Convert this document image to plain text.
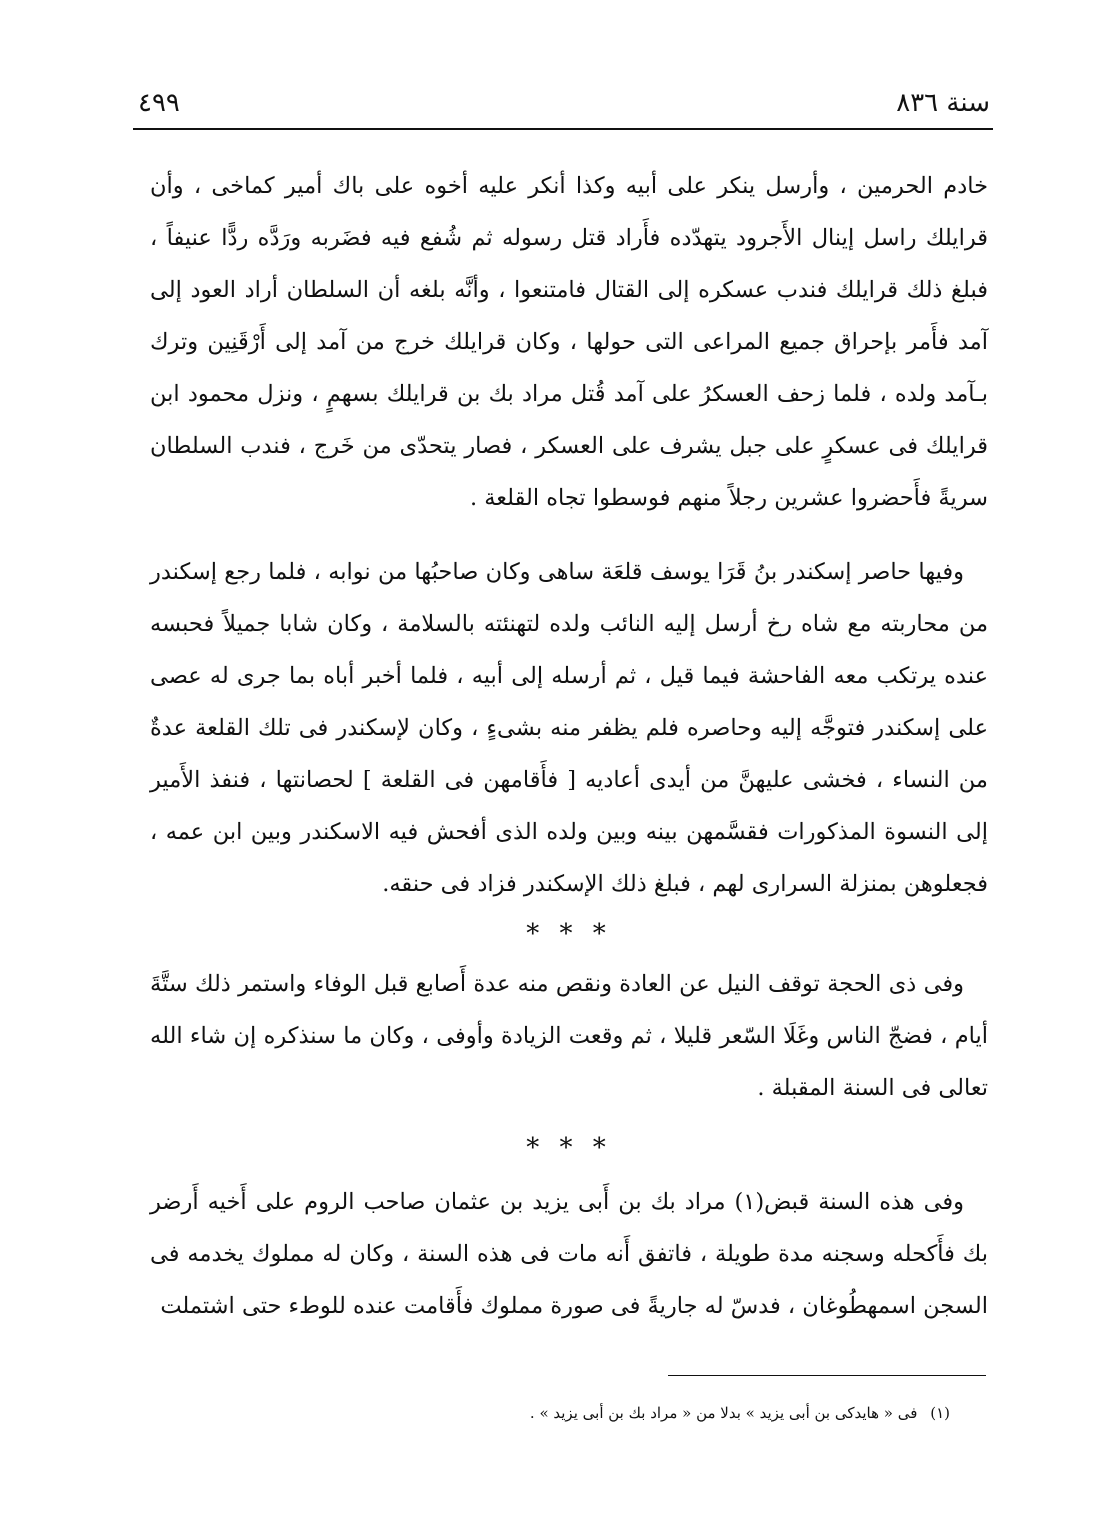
سنة ٨٣٦
٤٩٩

خادم الحرمين ، وأرسل ينكر على أبيه وكذا أنكر عليه أخوه على باك أمير كماخى ، وأن قرايلك راسل إينال الأَجرود يتهدّده فأَراد قتل رسوله ثم شُفع فيه فضَربه ورَدَّه ردًّا عنيفاً ، فبلغ ذلك قرايلك فندب عسكره إلى القتال فامتنعوا ، وأنَّه بلغه أن السلطان أراد العود إلى آمد فأَمر بإحراق جميع المراعى التى حولها ، وكان قرايلك خرج من آمد إلى أَرْقَنِين وترك بـآمد ولده ، فلما زحف العسكرُ على آمد قُتل مراد بك بن قرايلك بسهمٍ ، ونزل محمود ابن قرايلك فى عسكرٍ على جبل يشرف على العسكر ، فصار يتحدّى من خَرج ، فندب السلطان سريةً فأَحضروا عشرين رجلاً منهم فوسطوا تجاه القلعة .

وفيها حاصر إسكندر بنُ قَرَا يوسف قلعَة ساهى وكان صاحبُها من نوابه ، فلما رجع إسكندر من محاربته مع شاه رخ أرسل إليه النائب ولده لتهنئته بالسلامة ، وكان شابا جميلاً فحبسه عنده يرتكب معه الفاحشة فيما قيل ، ثم أرسله إلى أبيه ، فلما أخبر أباه بما جرى له عصى على إسكندر فتوجَّه إليه وحاصره فلم يظفر منه بشىءٍ ، وكان لإسكندر فى تلك القلعة عدةٌ من النساء ، فخشى عليهنَّ من أيدى أعاديه [ فأَقامهن فى القلعة ] لحصانتها ، فنفذ الأَمير إلى النسوة المذكورات فقسَّمهن بينه وبين ولده الذى أفحش فيه الاسكندر وبين ابن عمه ، فجعلوهن بمنزلة السرارى لهم ، فبلغ ذلك الإسكندر فزاد فى حنقه.

* * *

وفى ذى الحجة توقف النيل عن العادة ونقص منه عدة أَصابع قبل الوفاء واستمر ذلك ستَّةَ أيام ، فضجّ الناس وغَلَا السّعر قليلا ، ثم وقعت الزيادة وأوفى ، وكان ما سنذكره إن شاء الله تعالى فى السنة المقبلة .

* * *

وفى هذه السنة قبض(١) مراد بك بن أَبى يزيد بن عثمان صاحب الروم على أَخيه أَرضر بك فأَكحله وسجنه مدة طويلة ، فاتفق أَنه مات فى هذه السنة ، وكان له مملوك يخدمه فى السجن اسمهطُوغان ، فدسّ له جاريةً فى صورة مملوك فأَقامت عنده للوطء حتى اشتملت

(١) فى « هايدكى بن أبى يزيد » بدلا من « مراد بك بن أبى يزيد » .
